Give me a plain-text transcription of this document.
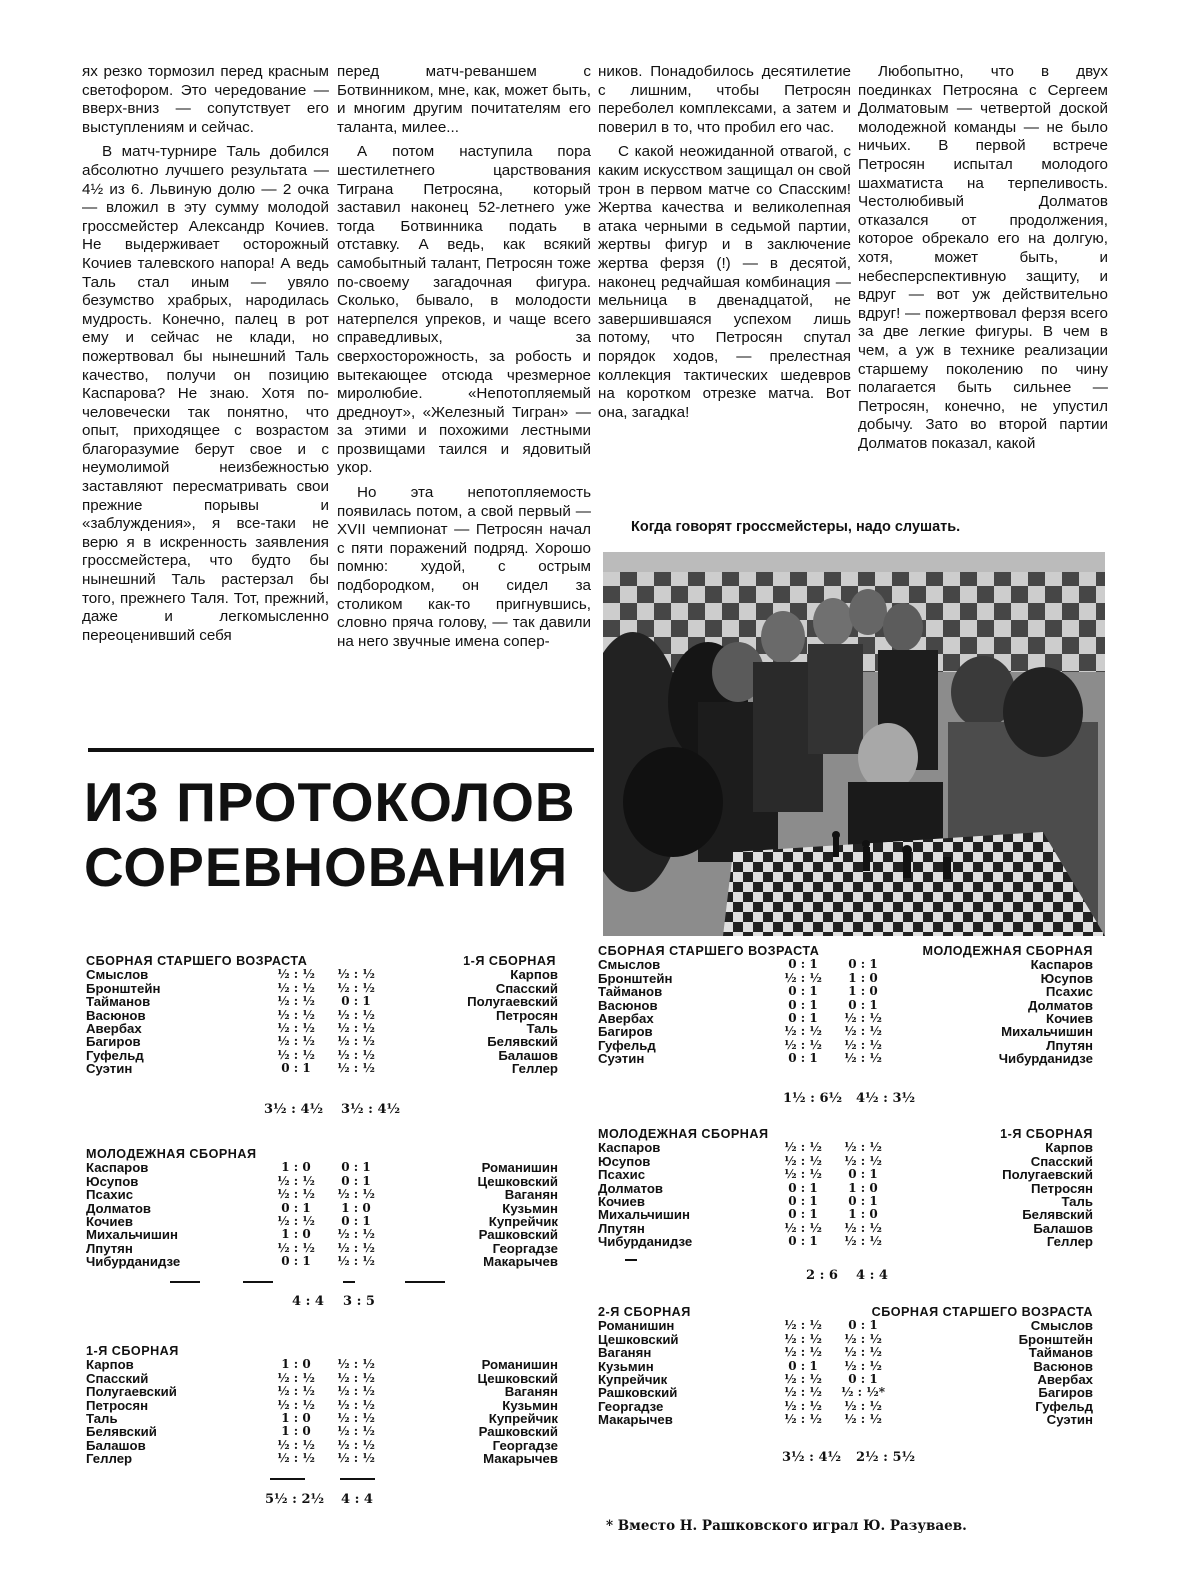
ях резко тормозил перед красным светофором. Это чередование — вверх-вниз — сопутствует его выступлениям и сейчас.

В матч-турнире Таль добился абсолютно лучшего результата — 4½ из 6. Львиную долю — 2 очка — вложил в эту сумму молодой гроссмейстер Александр Кочиев. Не выдерживает осторожный Кочиев талевского напора! А ведь Таль стал иным — увяло безумство храбрых, народилась мудрость. Конечно, палец в рот ему и сейчас не клади, но пожертвовал бы нынешний Таль качество, получи он позицию Каспарова? Не знаю. Хотя по-человечески так понятно, что опыт, приходящее с возрастом благоразумие берут свое и с неумолимой неизбежностью заставляют пересматривать свои прежние порывы и «заблуждения», я все-таки не верю я в искренность заявления гроссмейстера, что будто бы нынешний Таль растерзал бы того, прежнего Таля. Тот, прежний, даже и легкомысленно переоценивший себя

перед матч-реваншем с Ботвинником, мне, как, может быть, и многим другим почитателям его таланта, милее...

А потом наступила пора шестилетнего царствования Тиграна Петросяна, который заставил наконец 52-летнего уже тогда Ботвинника подать в отставку. А ведь, как всякий самобытный талант, Петросян тоже по-своему загадочная фигура. Сколько, бывало, в молодости натерпелся упреков, и чаще всего справедливых, за сверхосторожность, за робость и вытекающее отсюда чрезмерное миролюбие. «Непотопляемый дредноут», «Железный Тигран» — за этими и похожими лестными прозвищами таился и ядовитый укор.

Но эта непотопляемость появилась потом, а свой первый — XVII чемпионат — Петросян начал с пяти поражений подряд. Хорошо помню: худой, с острым подбородком, он сидел за столиком как-то пригнувшись, словно пряча голову, — так давили на него звучные имена сопер-

ников. Понадобилось десятилетие с лишним, чтобы Петросян переболел комплексами, а затем и поверил в то, что пробил его час.

С какой неожиданной отвагой, с каким искусством защищал он свой трон в первом матче со Спасским! Жертва качества и великолепная атака черными в седьмой партии, жертвы фигур и в заключение жертва ферзя (!) — в десятой, наконец редчайшая комбинация — мельница в двенадцатой, не завершившаяся успехом лишь потому, что Петросян спутал порядок ходов, — прелестная коллекция тактических шедевров на коротком отрезке матча. Вот она, загадка!

Любопытно, что в двух поединках Петросяна с Сергеем Долматовым — четвертой доской молодежной команды — не было ничьих. В первой встрече Петросян испытал молодого шахматиста на терпеливость. Честолюбивый Долматов отказался от продолжения, которое обрекало его на долгую, хотя, может быть, и небесперспективную защиту, и вдруг — вот уж действительно вдруг! — пожертвовал ферзя всего за две легкие фигуры. В чем в чем, а уж в технике реализации старшему поколению по чину полагается быть сильнее — Петросян, конечно, не упустил добычу. Зато во второй партии Долматов показал, какой

Когда говорят гроссмейстеры, надо слушать.
ИЗ ПРОТОКОЛОВ
СОРЕВНОВАНИЯ
СБОРНАЯ СТАРШЕГО ВОЗРАСТА	1-Я СБОРНАЯ
Смыслов	½ : ½	½ : ½	Карпов
Бронштейн	½ : ½	½ : ½	Спасский
Тайманов	½ : ½	0 : 1	Полугаевский
Васюнов	½ : ½	½ : ½	Петросян
Авербах	½ : ½	½ : ½	Таль
Багиров	½ : ½	½ : ½	Белявский
Гуфельд	½ : ½	½ : ½	Балашов
Суэтин	0 : 1	½ : ½	Геллер
3½ : 4½ 3½ : 4½
МОЛОДЕЖНАЯ СБОРНАЯ
Каспаров	1 : 0	0 : 1	Романишин
Юсупов	½ : ½	0 : 1	Цешковский
Псахис	½ : ½	½ : ½	Ваганян
Долматов	0 : 1	1 : 0	Кузьмин
Кочиев	½ : ½	0 : 1	Купрейчик
Михальчишин	1 : 0	½ : ½	Рашковский
Лпутян	½ : ½	½ : ½	Георгадзе
Чибурданидзе	0 : 1	½ : ½	Макарычев
4 : 4 3 : 5
1-Я СБОРНАЯ
Карпов	1 : 0	½ : ½	Романишин
Спасский	½ : ½	½ : ½	Цешковский
Полугаевский	½ : ½	½ : ½	Ваганян
Петросян	½ : ½	½ : ½	Кузьмин
Таль	1 : 0	½ : ½	Купрейчик
Белявский	1 : 0	½ : ½	Рашковский
Балашов	½ : ½	½ : ½	Георгадзе
Геллер	½ : ½	½ : ½	Макарычев
5½ : 2½ 4 : 4
СБОРНАЯ СТАРШЕГО ВОЗРАСТА	МОЛОДЕЖНАЯ СБОРНАЯ
Смыслов	0 : 1	0 : 1	Каспаров
Бронштейн	½ : ½	1 : 0	Юсупов
Тайманов	0 : 1	1 : 0	Псахис
Васюнов	0 : 1	0 : 1	Долматов
Авербах	0 : 1	½ : ½	Кочиев
Багиров	½ : ½	½ : ½	Михальчишин
Гуфельд	½ : ½	½ : ½	Лпутян
Суэтин	0 : 1	½ : ½	Чибурданидзе
1½ : 6½ 4½ : 3½
МОЛОДЕЖНАЯ СБОРНАЯ	1-Я СБОРНАЯ
Каспаров	½ : ½	½ : ½	Карпов
Юсупов	½ : ½	½ : ½	Спасский
Псахис	½ : ½	0 : 1	Полугаевский
Долматов	0 : 1	1 : 0	Петросян
Кочиев	0 : 1	0 : 1	Таль
Михальчишин	0 : 1	1 : 0	Белявский
Лпутян	½ : ½	½ : ½	Балашов
Чибурданидзе	0 : 1	½ : ½	Геллер
2 : 6 4 : 4
2-Я СБОРНАЯ	СБОРНАЯ СТАРШЕГО ВОЗРАСТА
Романишин	½ : ½	0 : 1	Смыслов
Цешковский	½ : ½	½ : ½	Бронштейн
Ваганян	½ : ½	½ : ½	Тайманов
Кузьмин	0 : 1	½ : ½	Васюнов
Купрейчик	½ : ½	0 : 1	Авербах
Рашковский	½ : ½	½ : ½*	Багиров
Георгадзе	½ : ½	½ : ½	Гуфельд
Макарычев	½ : ½	½ : ½	Суэтин
3½ : 4½ 2½ : 5½
* Вместо Н. Рашковского играл Ю. Разуваев.
